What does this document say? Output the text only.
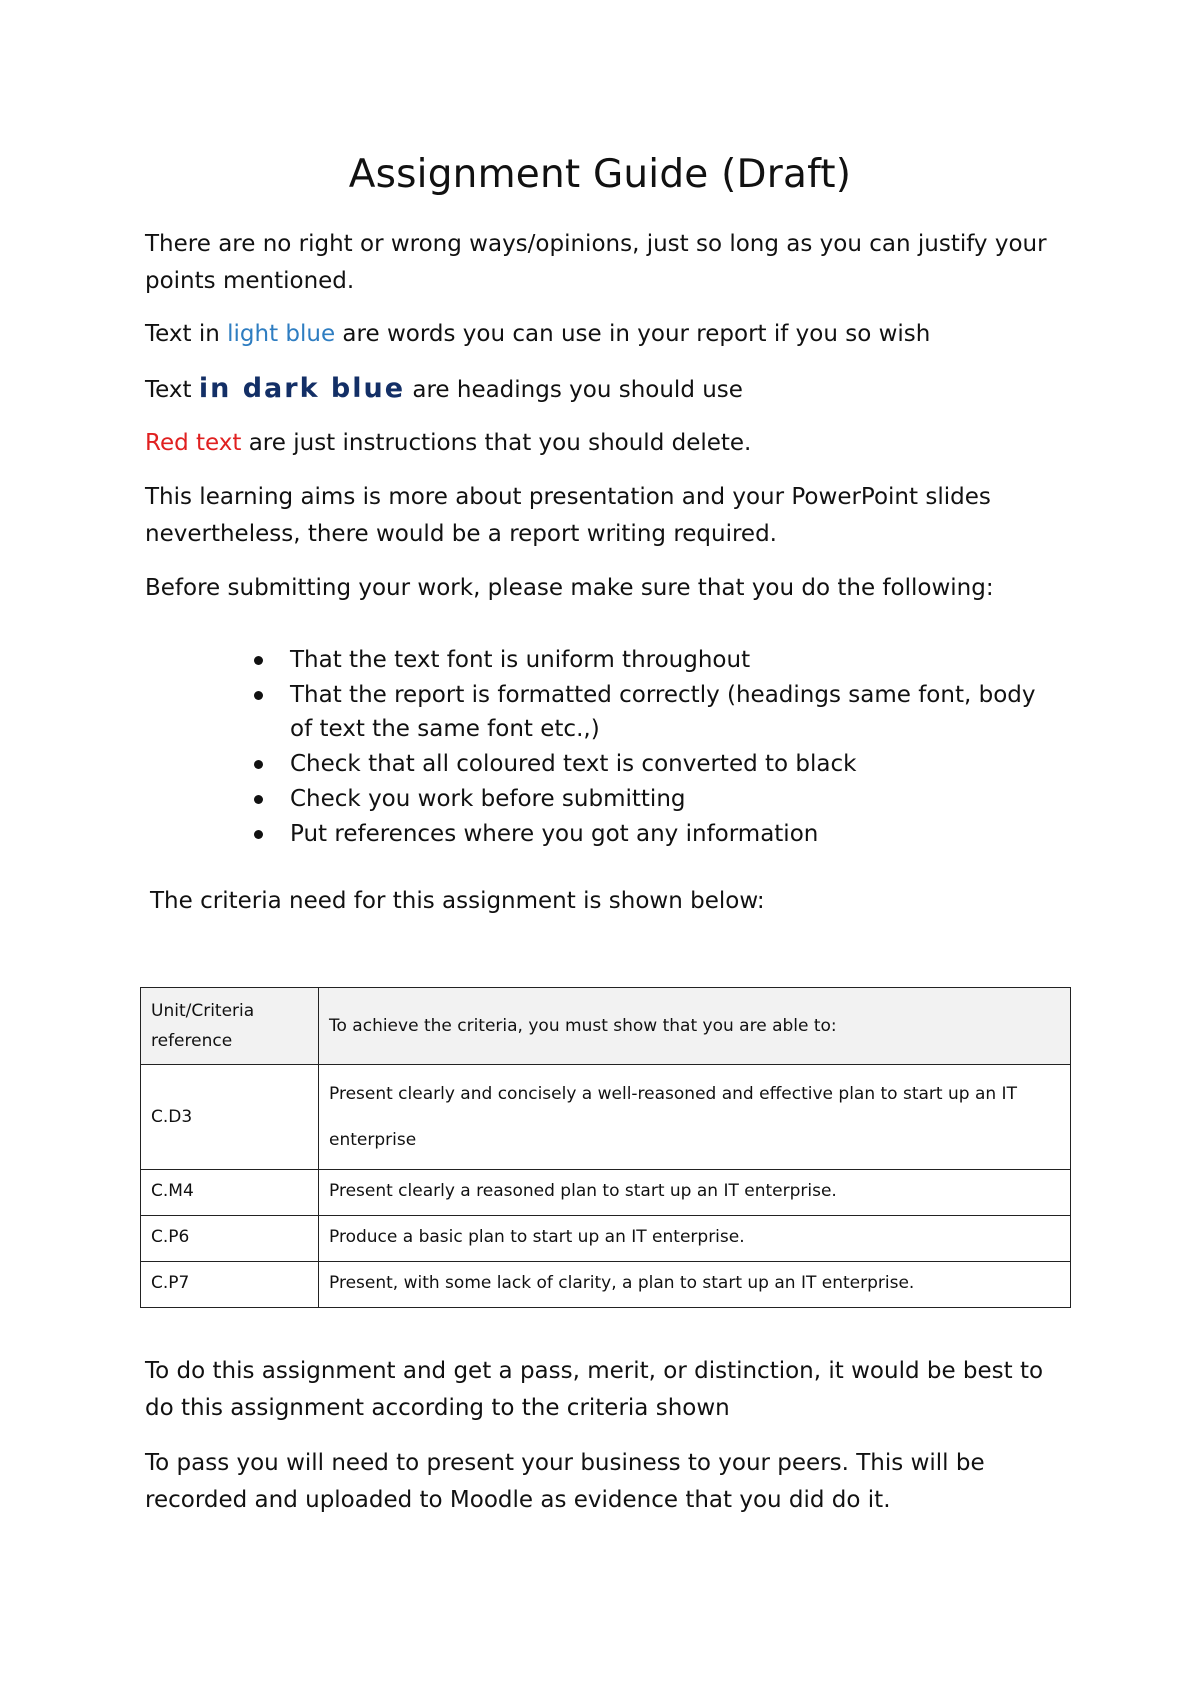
Assignment Guide (Draft)
There are no right or wrong ways/opinions, just so long as you can justify your points mentioned.
Text in light blue are words you can use in your report if you so wish
Text in dark blue are headings you should use
Red text are just instructions that you should delete.
This learning aims is more about presentation and your PowerPoint slides nevertheless, there would be a report writing required.
Before submitting your work, please make sure that you do the following:
That the text font is uniform throughout
That the report is formatted correctly (headings same font, body of text the same font etc.,)
Check that all coloured text is converted to black
Check you work before submitting
Put references where you got any information
The criteria need for this assignment is shown below:
Unit/Criteria reference	To achieve the criteria, you must show that you are able to:
C.D3	Present clearly and concisely a well-reasoned and effective plan to start up an IT enterprise
C.M4	Present clearly a reasoned plan to start up an IT enterprise.
C.P6	Produce a basic plan to start up an IT enterprise.
C.P7	Present, with some lack of clarity, a plan to start up an IT enterprise.
To do this assignment and get a pass, merit, or distinction, it would be best to do this assignment according to the criteria shown
To pass you will need to present your business to your peers. This will be recorded and uploaded to Moodle as evidence that you did do it.
